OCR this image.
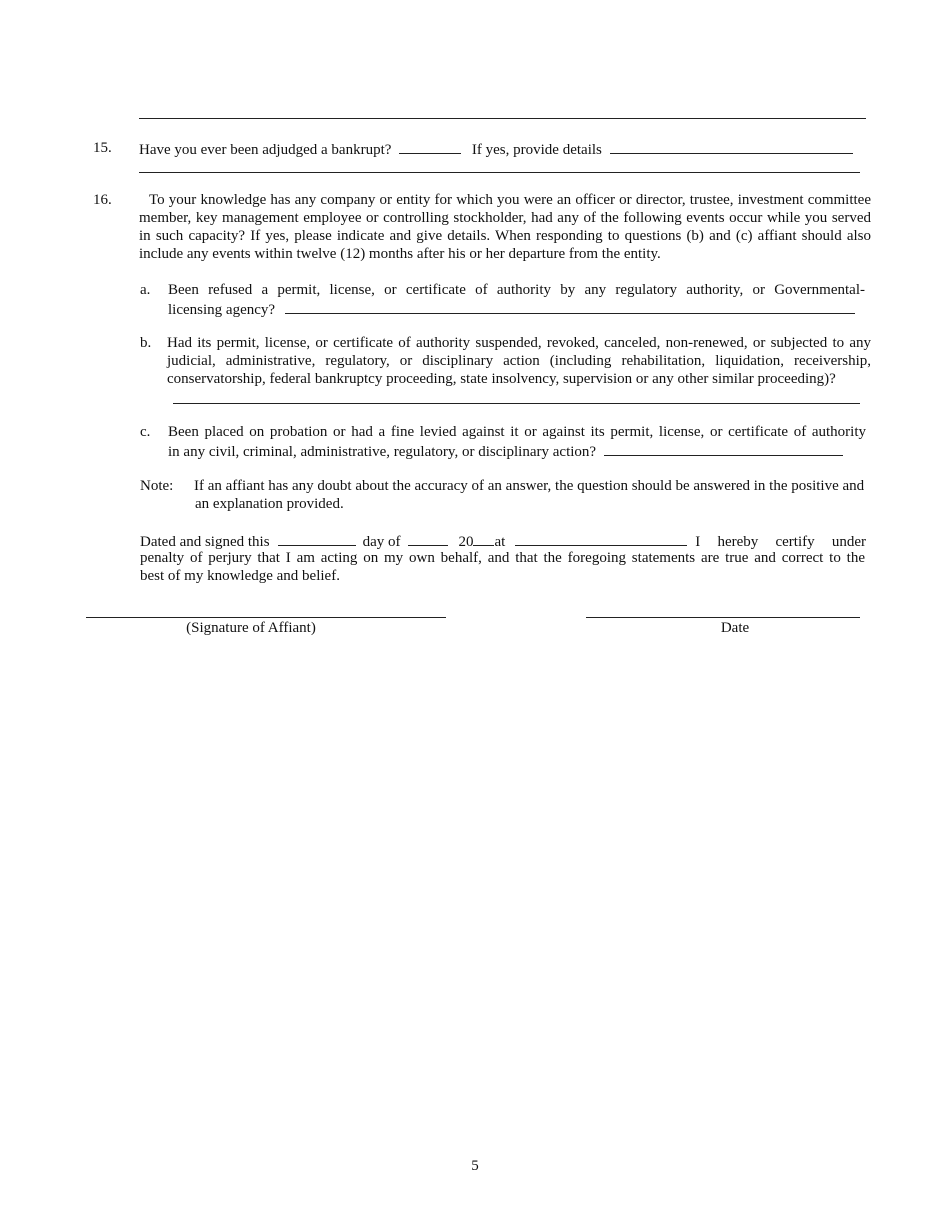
15. Have you ever been adjudged a bankrupt?	If yes, provide details
16.	To your knowledge has any company or entity for which you were an officer or director, trustee, investment committee member, key management employee or controlling stockholder, had any of the following events occur while you served in such capacity? If yes, please indicate and give details. When responding to questions (b) and (c) affiant should also include any events within twelve (12) months after his or her departure from the entity.
a. Been refused a permit, license, or certificate of authority by any regulatory authority, or Governmental-
licensing agency?
b. Had its permit, license, or certificate of authority suspended, revoked, canceled, non-renewed, or subjected to any judicial, administrative, regulatory, or disciplinary action (including rehabilitation, liquidation, receivership, conservatorship, federal bankruptcy proceeding, state insolvency, supervision or any other similar proceeding)?
c. Been placed on probation or had a fine levied against it or against its permit, license, or certificate of authority
in any civil, criminal, administrative, regulatory, or disciplinary action?
Note: If an affiant has any doubt about the accuracy of an answer, the question should be answered in the positive and an explanation provided.
Dated and signed this	day of	20 at	I hereby certify under
penalty of perjury that I am acting on my own behalf, and that the foregoing statements are true and correct to the
best of my knowledge and belief.
(Signature of Affiant)	Date
5
